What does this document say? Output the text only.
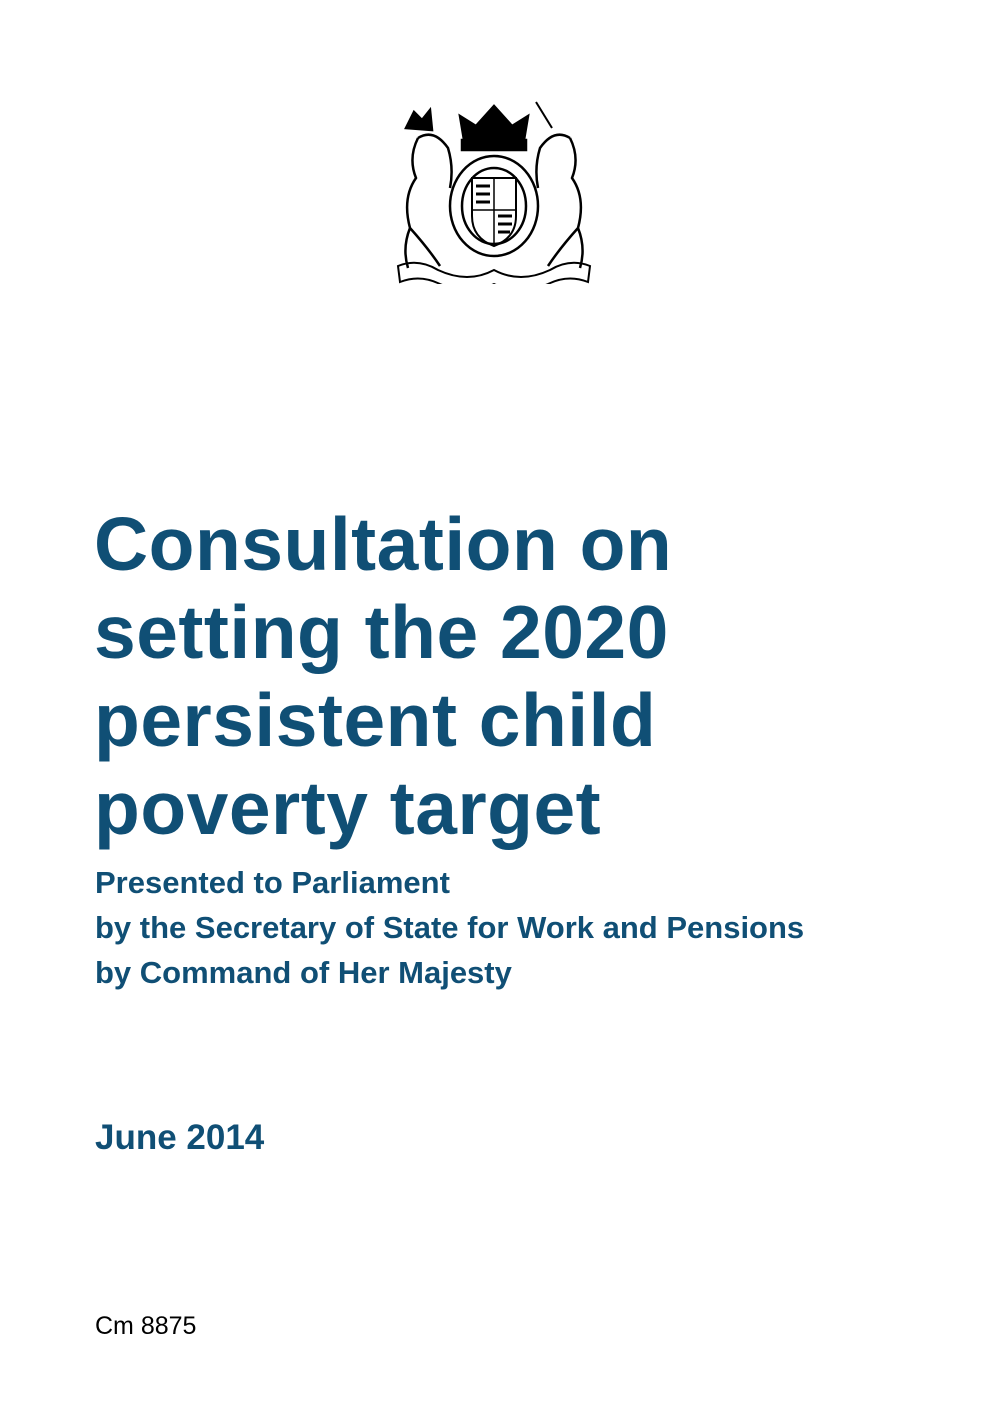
Consultation on
setting the 2020
persistent child
poverty target
Presented to Parliament
by the Secretary of State for Work and Pensions
by Command of Her Majesty
June 2014
Cm 8875
